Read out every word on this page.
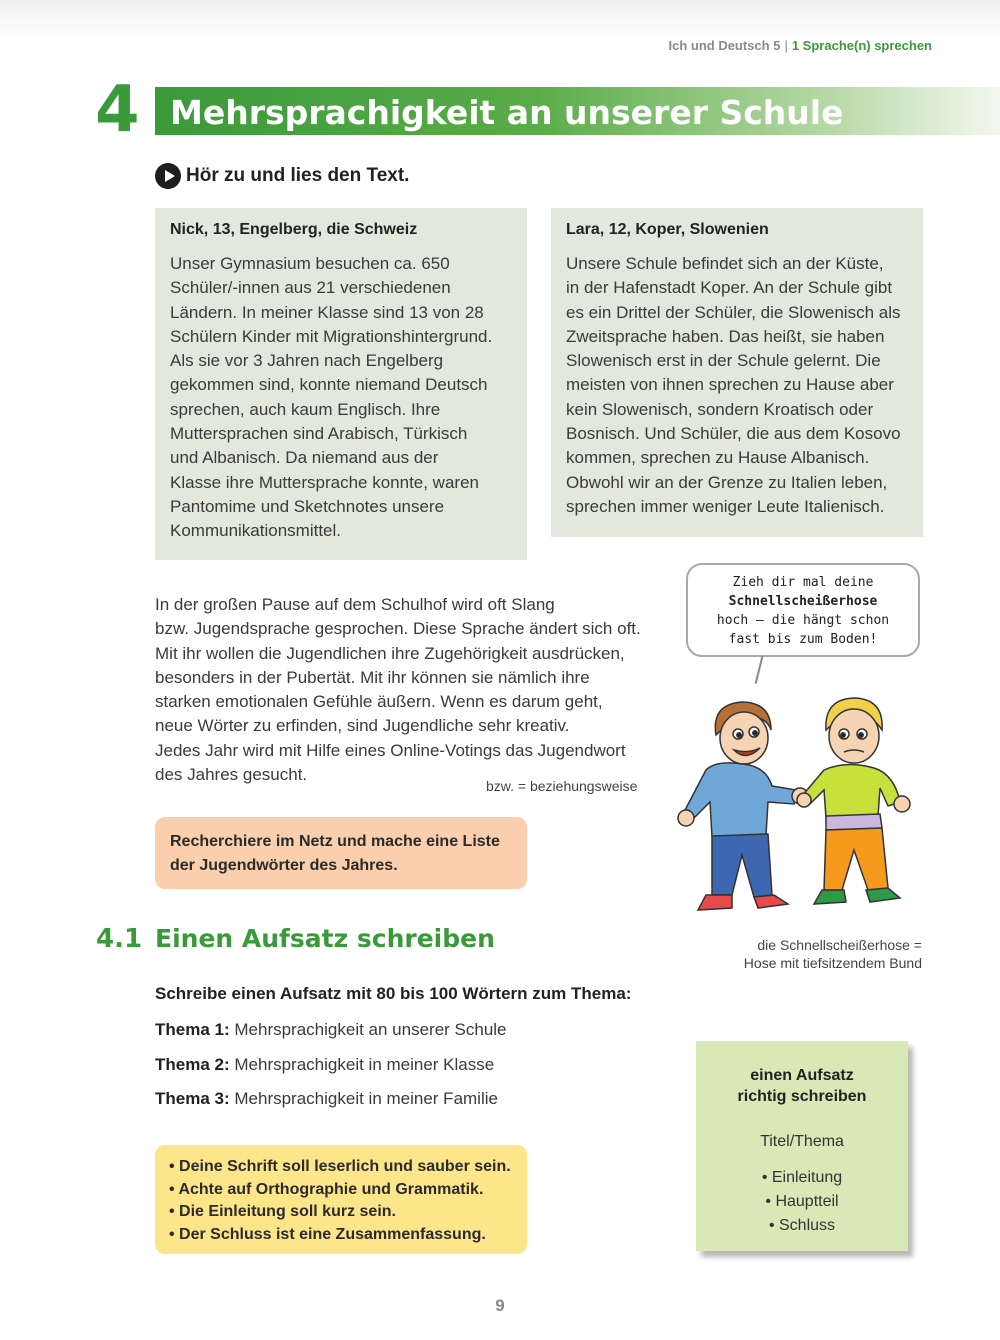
Ich und Deutsch 5 | 1 Sprache(n) sprechen
4 Mehrsprachigkeit an unserer Schule
Hör zu und lies den Text.
Nick, 13, Engelberg, die Schweiz
Unser Gymnasium besuchen ca. 650
Schüler/-innen aus 21 verschiedenen
Ländern. In meiner Klasse sind 13 von 28
Schülern Kinder mit Migrationshintergrund.
Als sie vor 3 Jahren nach Engelberg
gekommen sind, konnte niemand Deutsch
sprechen, auch kaum Englisch. Ihre
Muttersprachen sind Arabisch, Türkisch
und Albanisch. Da niemand aus der
Klasse ihre Muttersprache konnte, waren
Pantomime und Sketchnotes unsere
Kommunikationsmittel.
Lara, 12, Koper, Slowenien
Unsere Schule befindet sich an der Küste,
in der Hafenstadt Koper. An der Schule gibt
es ein Drittel der Schüler, die Slowenisch als
Zweitsprache haben. Das heißt, sie haben
Slowenisch erst in der Schule gelernt. Die
meisten von ihnen sprechen zu Hause aber
kein Slowenisch, sondern Kroatisch oder
Bosnisch. Und Schüler, die aus dem Kosovo
kommen, sprechen zu Hause Albanisch.
Obwohl wir an der Grenze zu Italien leben,
sprechen immer weniger Leute Italienisch.
In der großen Pause auf dem Schulhof wird oft Slang
bzw. Jugendsprache gesprochen. Diese Sprache ändert sich oft.
Mit ihr wollen die Jugendlichen ihre Zugehörigkeit ausdrücken,
besonders in der Pubertät. Mit ihr können sie nämlich ihre
starken emotionalen Gefühle äußern. Wenn es darum geht,
neue Wörter zu erfinden, sind Jugendliche sehr kreativ.
Jedes Jahr wird mit Hilfe eines Online-Votings das Jugendwort
des Jahres gesucht.
bzw. = beziehungsweise
Zieh dir mal deine
Schnellscheißerhose
hoch – die hängt schon
fast bis zum Boden!
die Schnellscheißerhose =
Hose mit tiefsitzendem Bund
Recherchiere im Netz und mache eine Liste
der Jugendwörter des Jahres.
4.1 Einen Aufsatz schreiben
Schreibe einen Aufsatz mit 80 bis 100 Wörtern zum Thema:
Thema 1: Mehrsprachigkeit an unserer Schule
Thema 2: Mehrsprachigkeit in meiner Klasse
Thema 3: Mehrsprachigkeit in meiner Familie
• Deine Schrift soll leserlich und sauber sein.
• Achte auf Orthographie und Grammatik.
• Die Einleitung soll kurz sein.
• Der Schluss ist eine Zusammenfassung.
einen Aufsatz
richtig schreiben
Titel/Thema
• Einleitung
• Hauptteil
• Schluss
9
